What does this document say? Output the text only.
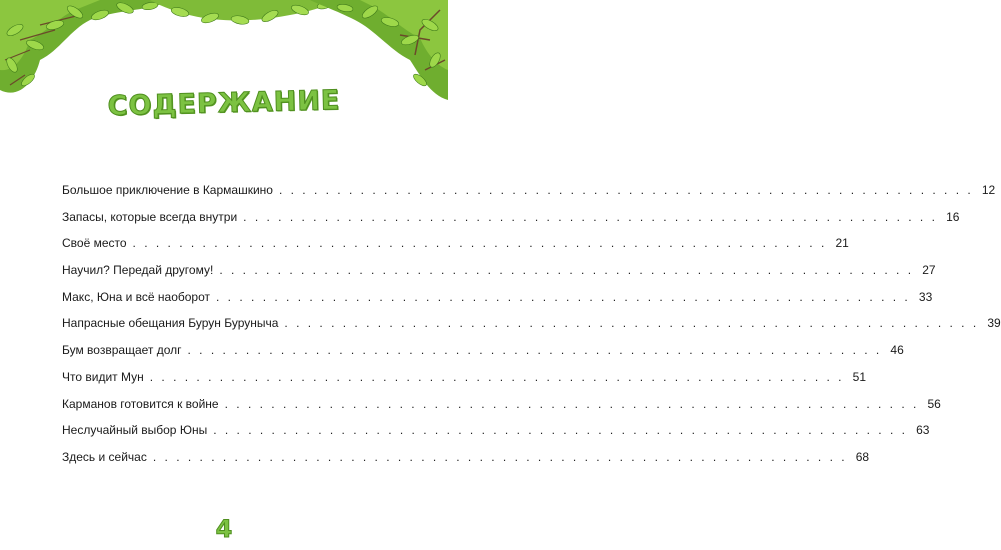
СОДЕРЖАНИЕ
Большое приключение в Кармашкино . . . . . . . . . . . . . . . . . . . . . . . . . . . . . . . . . . . . . . . . . . . . . . . . . . . . . . . . . . . . 12
Запасы, которые всегда внутри . . . . . . . . . . . . . . . . . . . . . . . . . . . . . . . . . . . . . . . . . . . . . . . . . . . . . . . . . . . . 16
Своё место . . . . . . . . . . . . . . . . . . . . . . . . . . . . . . . . . . . . . . . . . . . . . . . . . . . . . . . . . . . . 21
Научил? Передай другому! . . . . . . . . . . . . . . . . . . . . . . . . . . . . . . . . . . . . . . . . . . . . . . . . . . . . . . . . . . . . 27
Макс, Юна и всё наоборот . . . . . . . . . . . . . . . . . . . . . . . . . . . . . . . . . . . . . . . . . . . . . . . . . . . . . . . . . . . . 33
Напрасные обещания Бурун Буруныча . . . . . . . . . . . . . . . . . . . . . . . . . . . . . . . . . . . . . . . . . . . . . . . . . . . . . . . . . . . . 39
Бум возвращает долг . . . . . . . . . . . . . . . . . . . . . . . . . . . . . . . . . . . . . . . . . . . . . . . . . . . . . . . . . . . . 46
Что видит Мун . . . . . . . . . . . . . . . . . . . . . . . . . . . . . . . . . . . . . . . . . . . . . . . . . . . . . . . . . . . . 51
Карманов готовится к войне . . . . . . . . . . . . . . . . . . . . . . . . . . . . . . . . . . . . . . . . . . . . . . . . . . . . . . . . . . . . 56
Неслучайный выбор Юны . . . . . . . . . . . . . . . . . . . . . . . . . . . . . . . . . . . . . . . . . . . . . . . . . . . . . . . . . . . . 63
Здесь и сейчас . . . . . . . . . . . . . . . . . . . . . . . . . . . . . . . . . . . . . . . . . . . . . . . . . . . . . . . . . . . . 68
4
